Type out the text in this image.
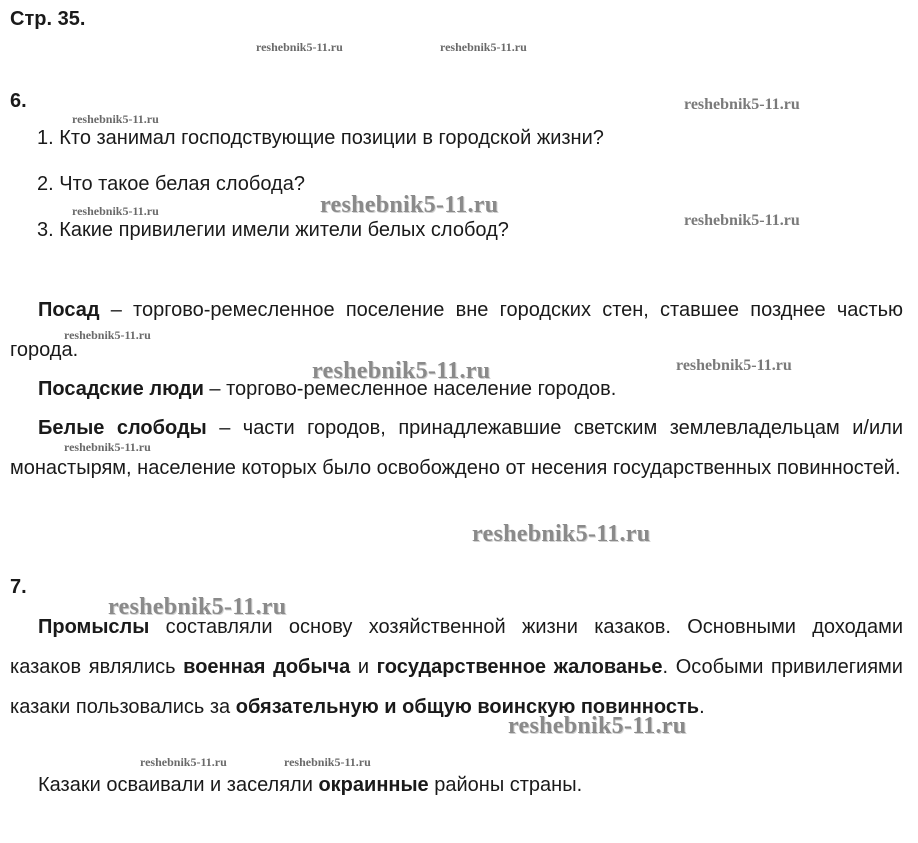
Стр. 35.
6.
1. Кто занимал господствующие позиции в городской жизни?
2. Что такое белая слобода?
3. Какие привилегии имели жители белых слобод?

Посад – торгово-ремесленное поселение вне городских стен, ставшее позднее частью города.

Посадские люди – торгово-ремесленное население городов.

Белые слободы – части городов, принадлежавшие светским землевладельцам и/или монастырям, население которых было освобождено от несения государственных повинностей.

7.

Промыслы составляли основу хозяйственной жизни казаков. Основными доходами казаков являлись военная добыча и государственное жалованье. Особыми привилегиями казаки пользовались за обязательную и общую воинскую повинность.

Казаки осваивали и заселяли окраинные районы страны.

reshebnik5-11.ru	reshebnik5-11.ru
reshebnik5-11.ru
reshebnik5-11.ru
reshebnik5-11.ru	reshebnik5-11.ru
reshebnik5-11.ru
reshebnik5-11.ru
reshebnik5-11.ru	reshebnik5-11.ru
reshebnik5-11.ru
reshebnik5-11.ru
reshebnik5-11.ru
reshebnik5-11.ru
reshebnik5-11.ru	reshebnik5-11.ru
